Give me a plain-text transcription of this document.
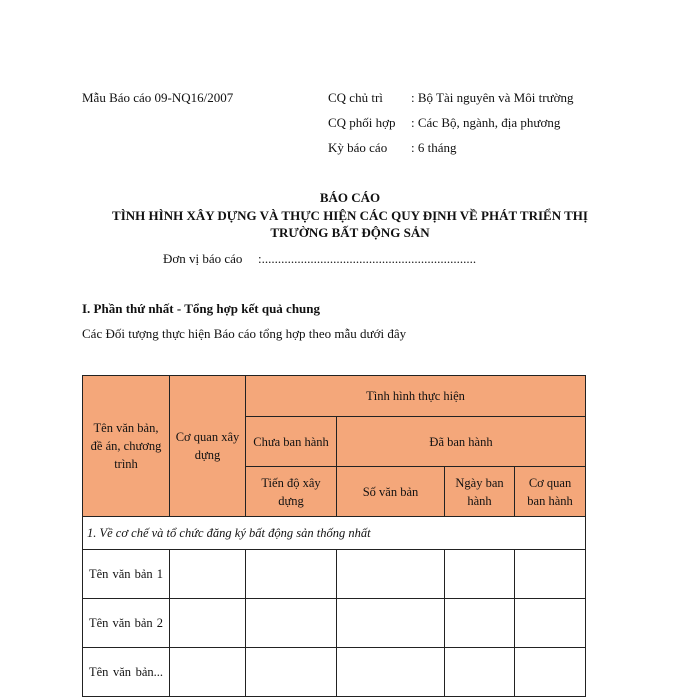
Mẫu Báo cáo 09-NQ16/2007	CQ chủ trì : Bộ Tài nguyên và Môi trường
CQ phối hợp : Các Bộ, ngành, địa phương
Kỳ báo cáo : 6 tháng
BÁO CÁO
TÌNH HÌNH XÂY DỰNG VÀ THỰC HIỆN CÁC QUY ĐỊNH VỀ PHÁT TRIỂN THỊ
TRƯỜNG BẤT ĐỘNG SẢN
Đơn vị báo cáo :..................................................................
I. Phần thứ nhất - Tổng hợp kết quả chung
Các Đối tượng thực hiện Báo cáo tổng hợp theo mẫu dưới đây
Tên văn bản, đề án, chương trình	Cơ quan xây dựng	Tình hình thực hiện			
		Chưa ban hành	Đã ban hành		
		Tiến độ xây dựng	Số văn bản	Ngày ban hành	Cơ quan ban hành
1. Về cơ chế và tổ chức đăng ký bất động sản thống nhất					
Tên văn bản 1					
Tên văn bản 2					
Tên văn bản...					
